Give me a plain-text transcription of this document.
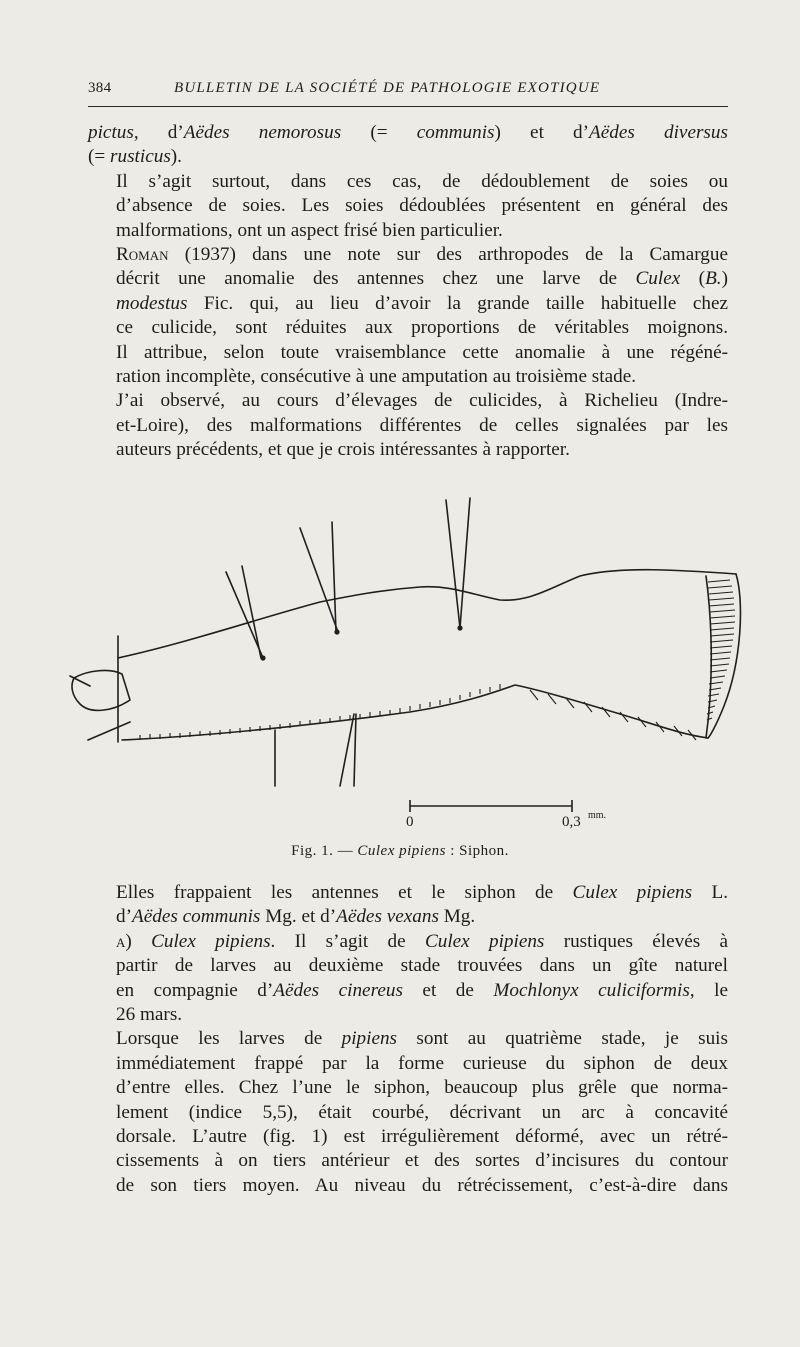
384	BULLETIN DE LA SOCIÉTÉ DE PATHOLOGIE EXOTIQUE

pictus, d’Aëdes nemorosus (= communis) et d’Aëdes diversus
(= rusticus).

Il s’agit surtout, dans ces cas, de dédoublement de soies ou
d’absence de soies. Les soies dédoublées présentent en général des
malformations, ont un aspect frisé bien particulier.

Roman (1937) dans une note sur des arthropodes de la Camargue
décrit une anomalie des antennes chez une larve de Culex (B.)
modestus Fic. qui, au lieu d’avoir la grande taille habituelle chez
ce culicide, sont réduites aux proportions de véritables moignons.
Il attribue, selon toute vraisemblance cette anomalie à une régéné-
ration incomplète, consécutive à une amputation au troisième stade.

J’ai observé, au cours d’élevages de culicides, à Richelieu (Indre-
et-Loire), des malformations différentes de celles signalées par les
auteurs précédents, et que je crois intéressantes à rapporter.

0	0,3 mm.
Fig. 1. — Culex pipiens : Siphon.

Elles frappaient les antennes et le siphon de Culex pipiens L.
d’Aëdes communis Mg. et d’Aëdes vexans Mg.

a) Culex pipiens. Il s’agit de Culex pipiens rustiques élevés à
partir de larves au deuxième stade trouvées dans un gîte naturel
en compagnie d’Aëdes cinereus et de Mochlonyx culiciformis, le
26 mars.

Lorsque les larves de pipiens sont au quatrième stade, je suis
immédiatement frappé par la forme curieuse du siphon de deux
d’entre elles. Chez l’une le siphon, beaucoup plus grêle que norma-
lement (indice 5,5), était courbé, décrivant un arc à concavité
dorsale. L’autre (fig. 1) est irrégulièrement déformé, avec un rétré-
cissements à on tiers antérieur et des sortes d’incisures du contour
de son tiers moyen. Au niveau du rétrécissement, c’est-à-dire dans
